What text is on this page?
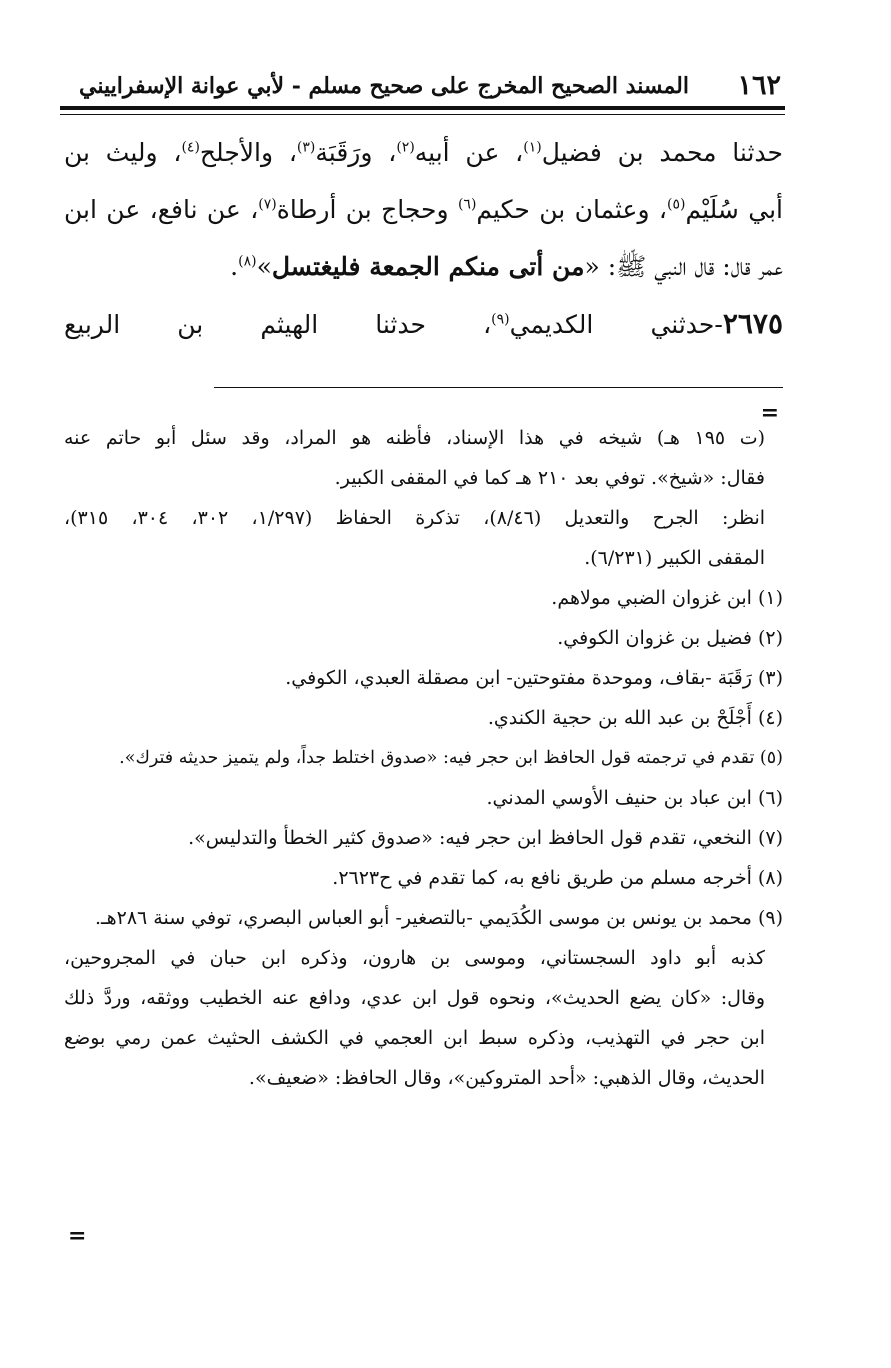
١٦٢
المسند الصحيح المخرج على صحيح مسلم - لأبي عوانة الإسفراييني
حدثنا محمد بن فضيل$^{(١)}$، عن أبيه$^{(٢)}$، ورَقَبَة$^{(٣)}$، والأجلح$^{(٤)}$، وليث بن
أبي سُلَيْم$^{(٥)}$، وعثمان بن حكيم$^{(٦)}$ وحجاج بن أرطاة$^{(٧)}$، عن نافع، عن ابن
عمر قال: قال النبي ﷺ: «من أتى منكم الجمعة فليغتسل»$^{(٨)}$.
٢٦٧٥-حدثني الكديمي$^{(٩)}$، حدثنا الهيثم بن الربيع
=
(ت ١٩٥ هـ) شيخه في هذا الإسناد، فأظنه هو المراد، وقد سئل أبو حاتم عنه
فقال: «شيخ». توفي بعد ٢١٠ هـ كما في المقفى الكبير.
انظر: الجرح والتعديل (٨/٤٦)، تذكرة الحفاظ (١/٢٩٧، ٣٠٢، ٣٠٤، ٣١٥)،
المقفى الكبير (٦/٢٣١).
(١) ابن غزوان الضبي مولاهم.
(٢) فضيل بن غزوان الكوفي.
(٣) رَقَبَة -بقاف، وموحدة مفتوحتين- ابن مصقلة العبدي، الكوفي.
(٤) أَجْلَحْ بن عبد الله بن حجية الكندي.
(٥) تقدم في ترجمته قول الحافظ ابن حجر فيه: «صدوق اختلط جداً، ولم يتميز حديثه فترك».
(٦) ابن عباد بن حنيف الأوسي المدني.
(٧) النخعي، تقدم قول الحافظ ابن حجر فيه: «صدوق كثير الخطأ والتدليس».
(٨) أخرجه مسلم من طريق نافع به، كما تقدم في ح٢٦٢٣.
(٩) محمد بن يونس بن موسى الكُدَيمي -بالتصغير- أبو العباس البصري، توفي سنة ٢٨٦هـ.
كذبه أبو داود السجستاني، وموسى بن هارون، وذكره ابن حبان في المجروحين،
وقال: «كان يضع الحديث»، ونحوه قول ابن عدي، ودافع عنه الخطيب ووثقه، وردَّ ذلك
ابن حجر في التهذيب، وذكره سبط ابن العجمي في الكشف الحثيث عمن رمي بوضع
الحديث، وقال الذهبي: «أحد المتروكين»، وقال الحافظ: «ضعيف».
=
